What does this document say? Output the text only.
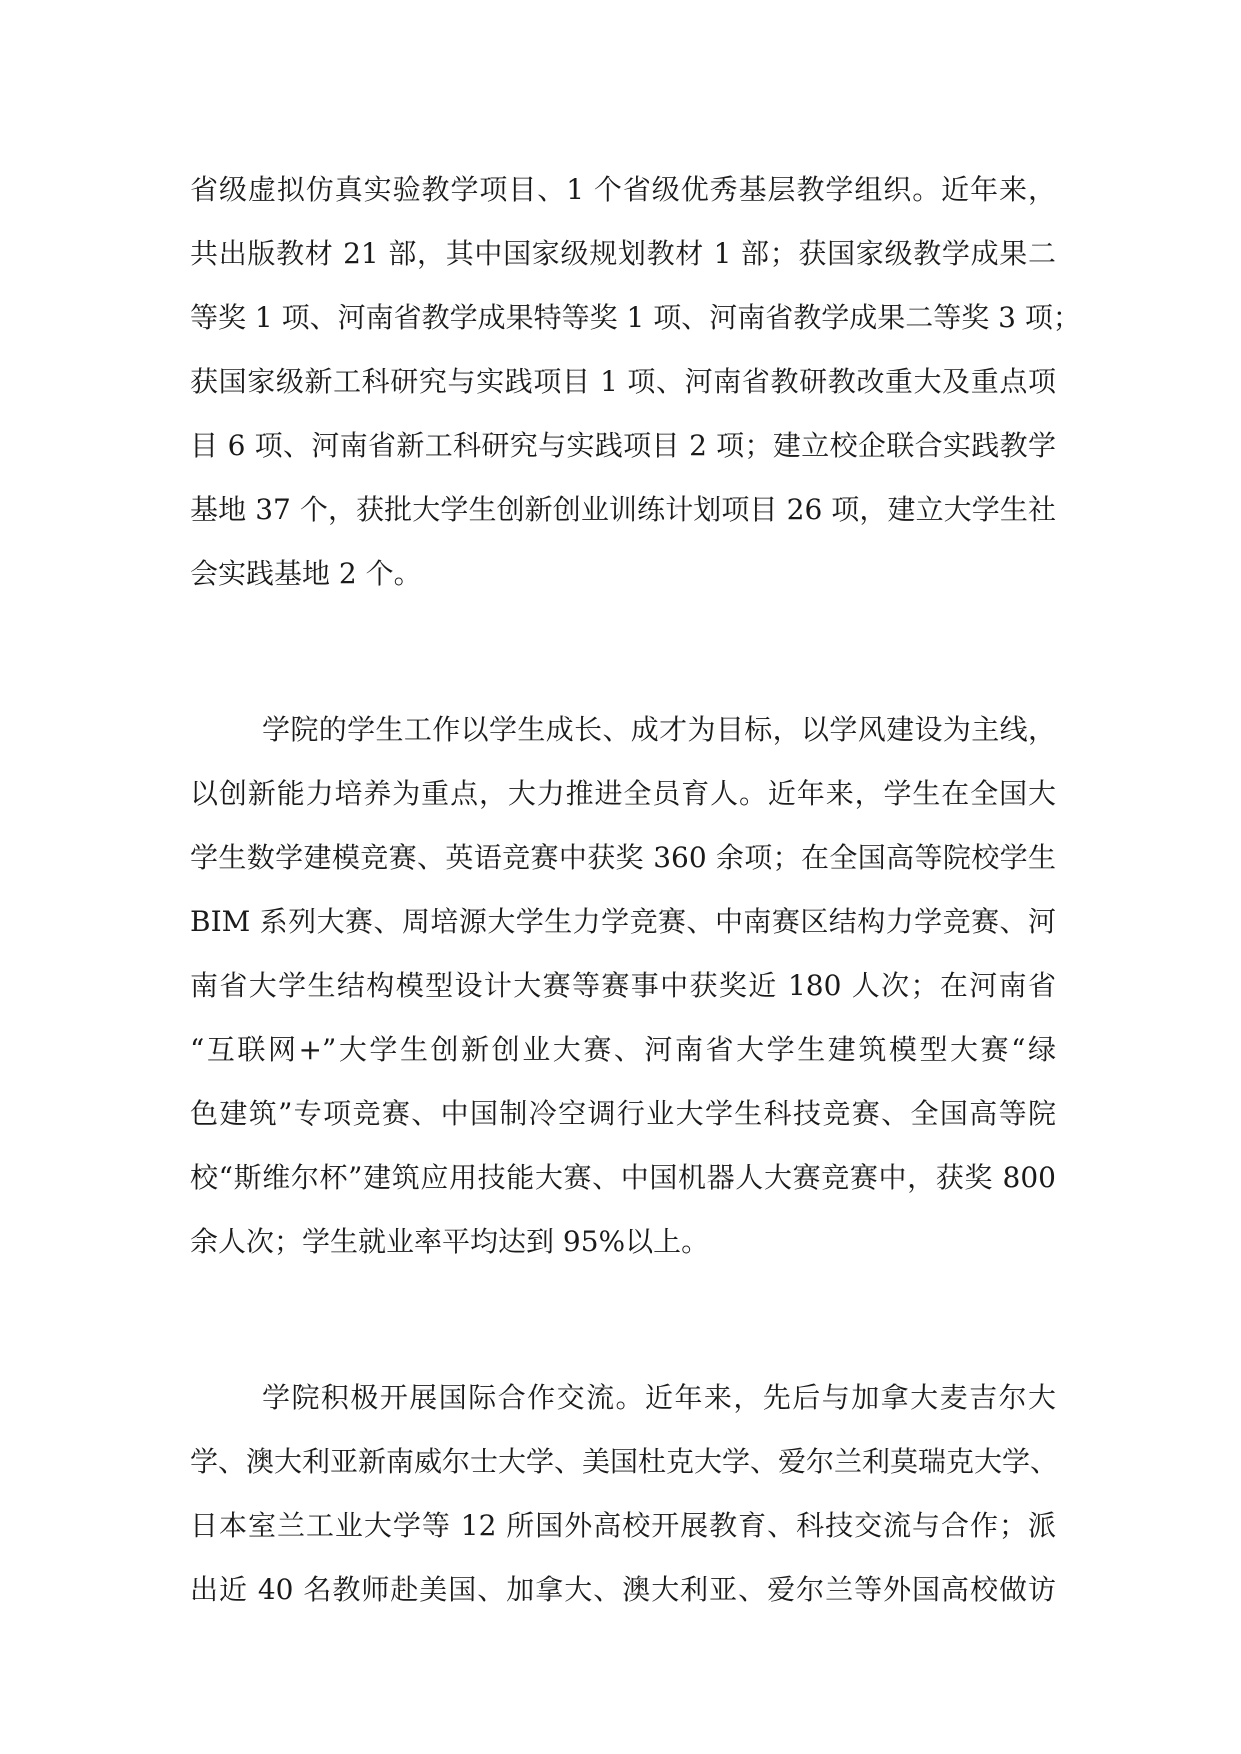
省级虚拟仿真实验教学项目、1 个省级优秀基层教学组织。近年来，
共出版教材 21 部，其中国家级规划教材 1 部；获国家级教学成果二
等奖 1 项、河南省教学成果特等奖 1 项、河南省教学成果二等奖 3 项；
获国家级新工科研究与实践项目 1 项、河南省教研教改重大及重点项
目 6 项、河南省新工科研究与实践项目 2 项；建立校企联合实践教学
基地 37 个，获批大学生创新创业训练计划项目 26 项，建立大学生社
会实践基地 2 个。
学院的学生工作以学生成长、成才为目标，以学风建设为主线，
以创新能力培养为重点，大力推进全员育人。近年来，学生在全国大
学生数学建模竞赛、英语竞赛中获奖 360 余项；在全国高等院校学生
BIM 系列大赛、周培源大学生力学竞赛、中南赛区结构力学竞赛、河
南省大学生结构模型设计大赛等赛事中获奖近 180 人次；在河南省
“互联网+”大学生创新创业大赛、河南省大学生建筑模型大赛“绿
色建筑”专项竞赛、中国制冷空调行业大学生科技竞赛、全国高等院
校“斯维尔杯”建筑应用技能大赛、中国机器人大赛竞赛中，获奖 800
余人次；学生就业率平均达到 95%以上。
学院积极开展国际合作交流。近年来，先后与加拿大麦吉尔大
学、澳大利亚新南威尔士大学、美国杜克大学、爱尔兰利莫瑞克大学、
日本室兰工业大学等 12 所国外高校开展教育、科技交流与合作；派
出近 40 名教师赴美国、加拿大、澳大利亚、爱尔兰等外国高校做访
